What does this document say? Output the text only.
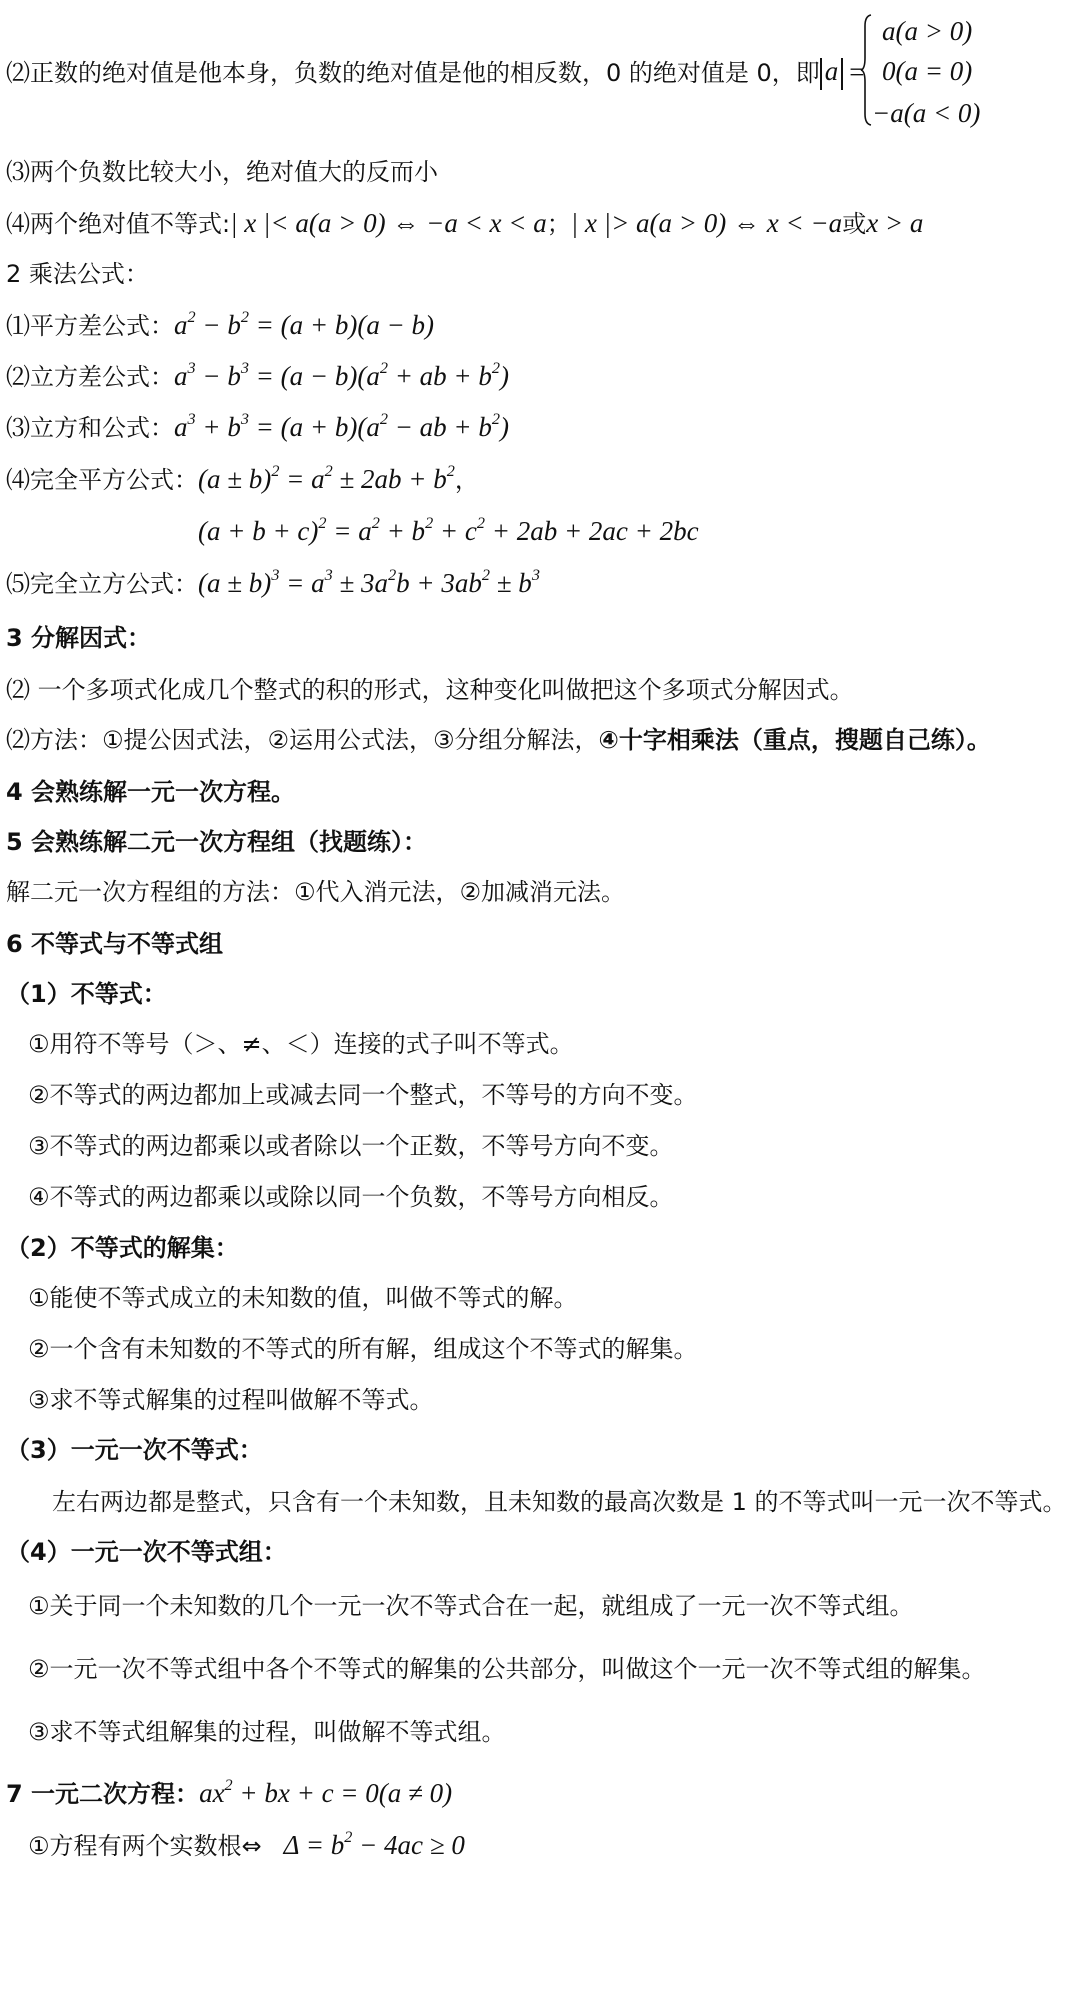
⑵正数的绝对值是他本身，负数的绝对值是他的相反数，0 的绝对值是 0，即 a =
a(a > 0)
0(a = 0)
−a(a < 0)
⑶两个负数比较大小，绝对值大的反而小
⑷两个绝对值不等式:| x |< a(a > 0) ⇔ −a < x < a；| x |> a(a > 0) ⇔ x < −a或x > a
2 乘法公式：
⑴平方差公式：$a^2 - b^2 = (a + b)(a - b)$
⑵立方差公式：$a^3 - b^3 = (a - b)(a^2$ + ab + $b^2$)
⑶立方和公式：$a^3 + b^3 = (a + b)(a^2$ − ab + $b^2$)
⑷完全平方公式：$(a \pm b)^2 = a^2 \pm 2ab + b^2$，
$(a + b + c)^2 = a^2 + b^2 + c^2 + 2ab + 2ac + 2bc$
⑸完全立方公式：$(a \pm b)^3 = a^3 \pm 3a^2b + 3ab^2 \pm b^3$
3 分解因式：
⑵ 一个多项式化成几个整式的积的形式，这种变化叫做把这个多项式分解因式。
⑵方法：①提公因式法，②运用公式法，③分组分解法，④十字相乘法（重点，搜题自己练）。
4 会熟练解一元一次方程。
5 会熟练解二元一次方程组（找题练）：
解二元一次方程组的方法：①代入消元法，②加减消元法。
6 不等式与不等式组
（1）不等式：
①用符不等号（＞、≠、＜）连接的式子叫不等式。
②不等式的两边都加上或减去同一个整式，不等号的方向不变。
③不等式的两边都乘以或者除以一个正数，不等号方向不变。
④不等式的两边都乘以或除以同一个负数，不等号方向相反。
（2）不等式的解集：
①能使不等式成立的未知数的值，叫做不等式的解。
②一个含有未知数的不等式的所有解，组成这个不等式的解集。
③求不等式解集的过程叫做解不等式。
（3）一元一次不等式：
左右两边都是整式，只含有一个未知数，且未知数的最高次数是 1 的不等式叫一元一次不等式。
（4）一元一次不等式组：
①关于同一个未知数的几个一元一次不等式合在一起，就组成了一元一次不等式组。
②一元一次不等式组中各个不等式的解集的公共部分，叫做这个一元一次不等式组的解集。
③求不等式组解集的过程，叫做解不等式组。
7 一元二次方程：$ax^2$ + bx + c = 0(a ≠ 0)
①方程有两个实数根⇔ $\Delta = b^2 - 4ac \ge 0$
